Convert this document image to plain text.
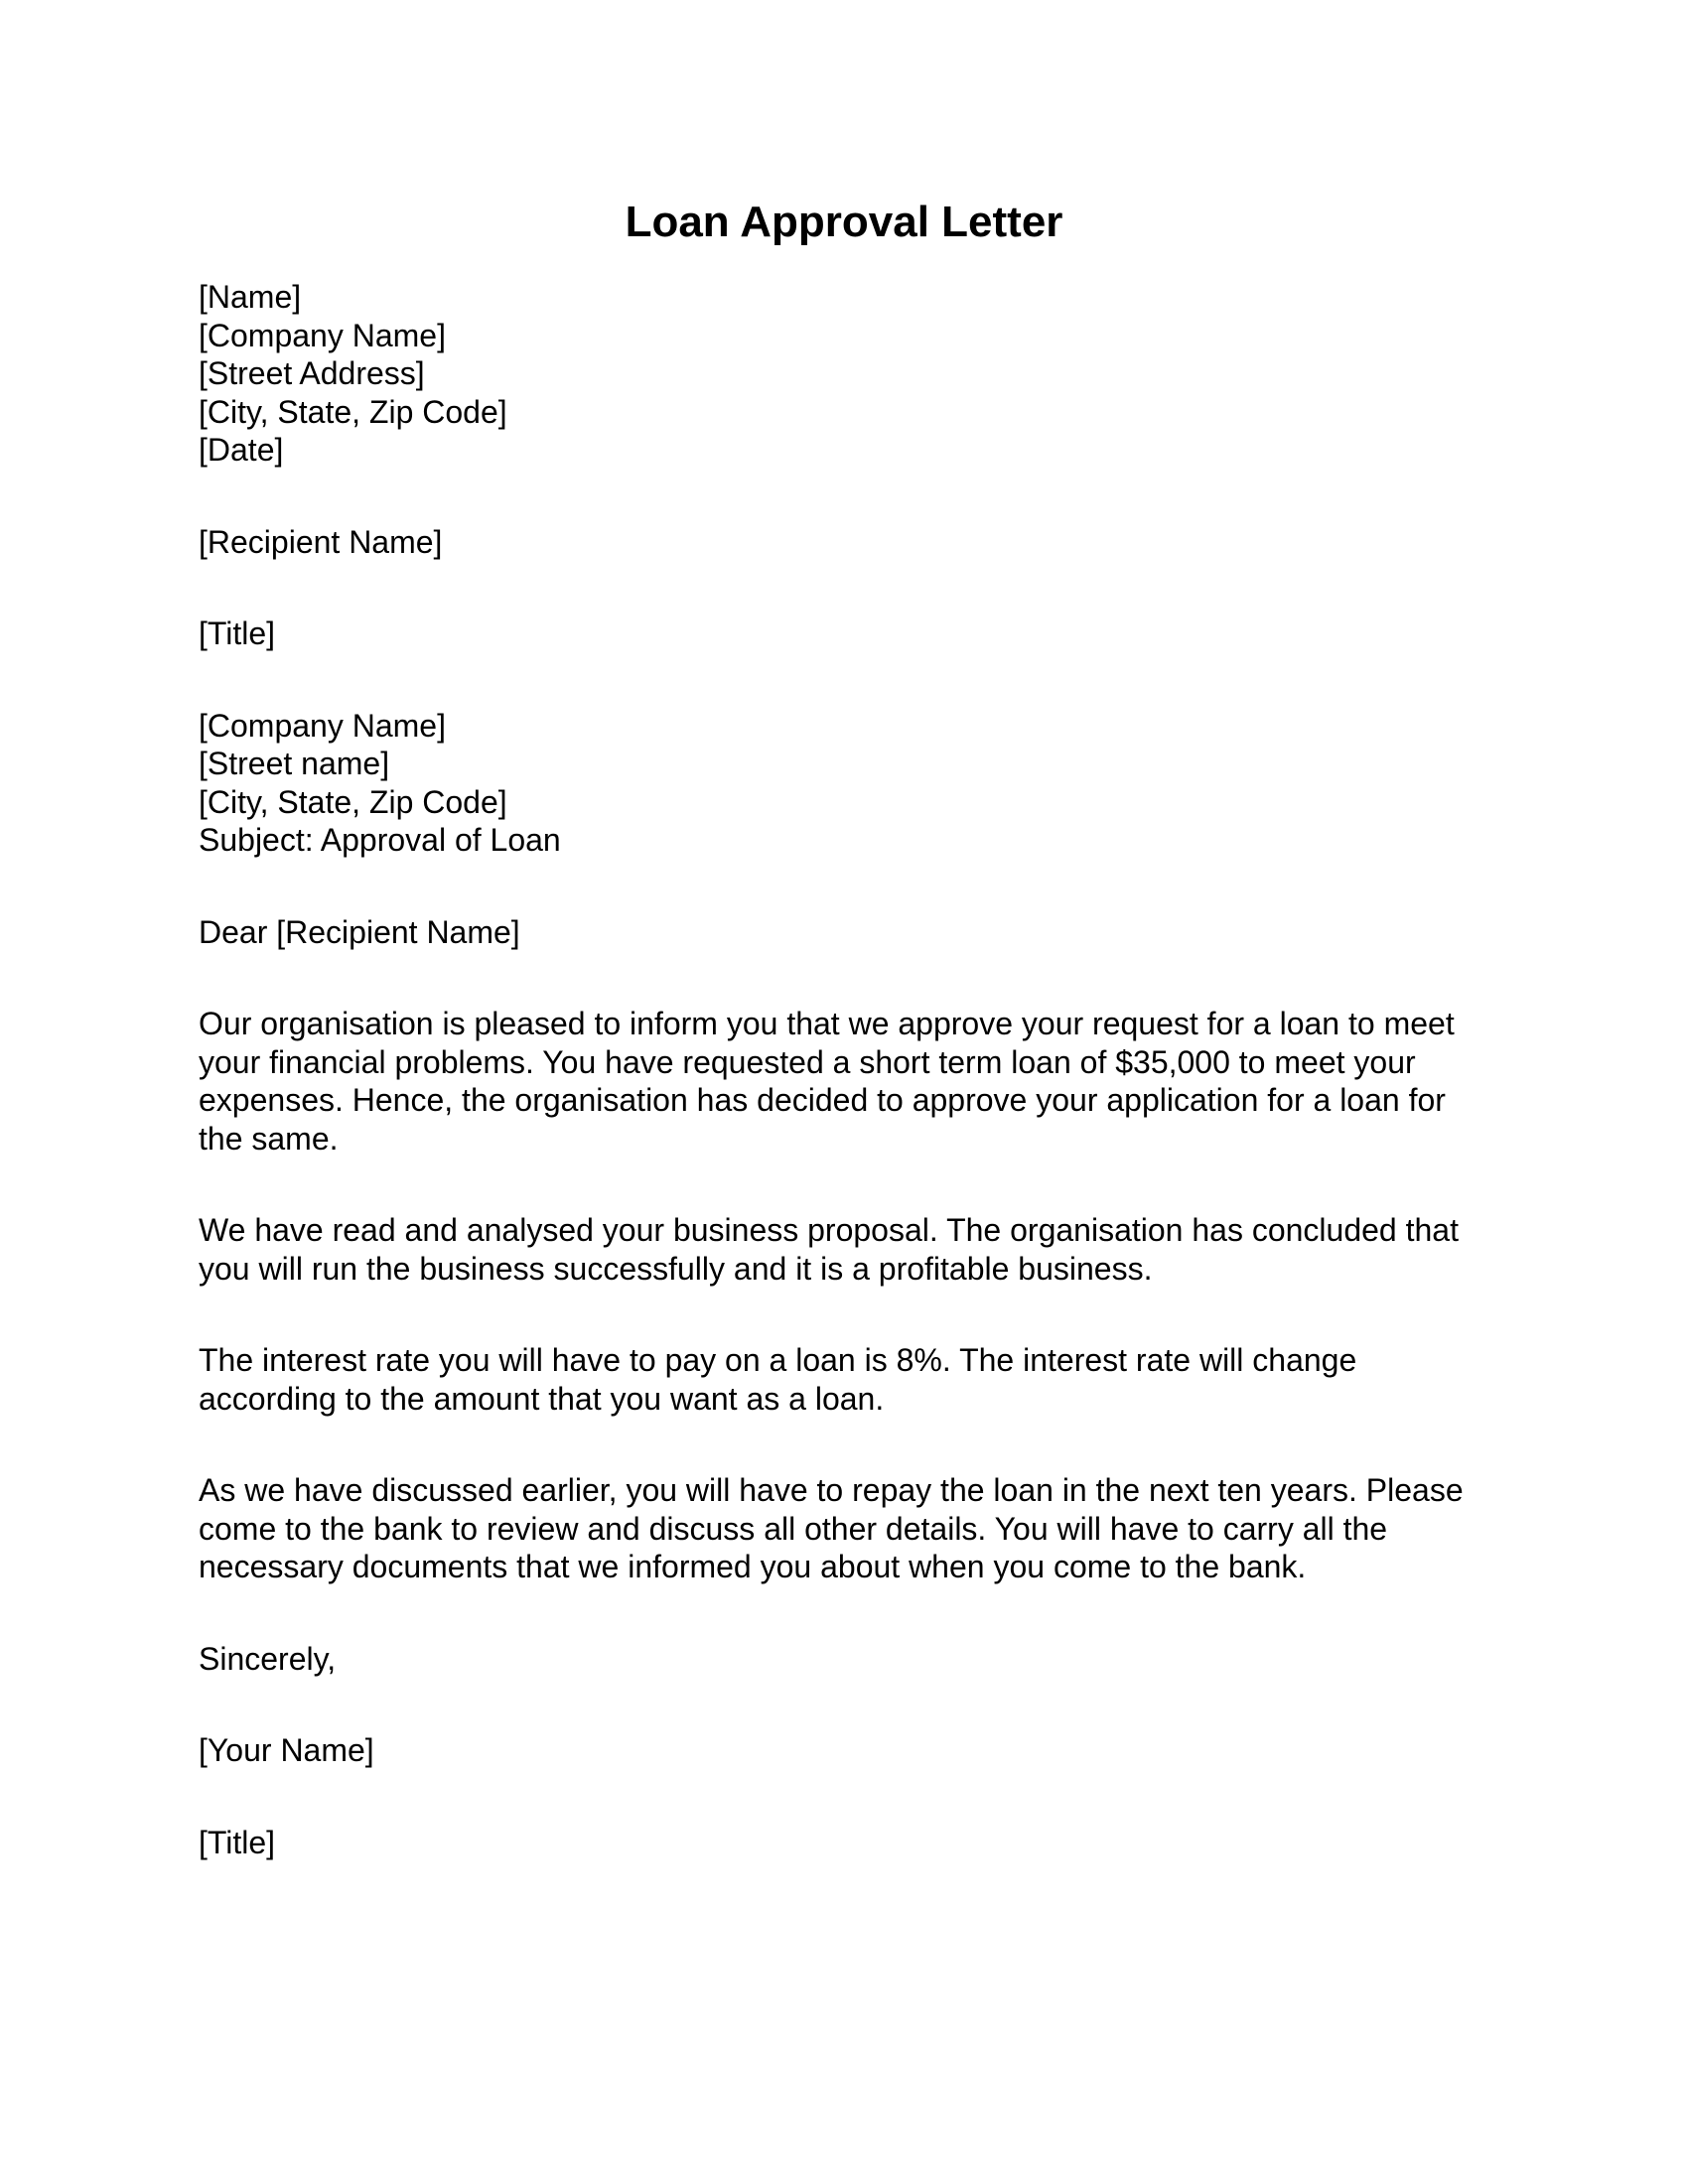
Loan Approval Letter
[Name]
[Company Name]
[Street Address]
[City, State, Zip Code]
[Date]
[Recipient Name]
[Title]
[Company Name]
[Street name]
[City, State, Zip Code]
Subject: Approval of Loan
Dear [Recipient Name]

Our organisation is pleased to inform you that we approve your request for a loan to meet your financial problems. You have requested a short term loan of $35,000 to meet your expenses. Hence, the organisation has decided to approve your application for a loan for the same.

We have read and analysed your business proposal. The organisation has concluded that you will run the business successfully and it is a profitable business.

The interest rate you will have to pay on a loan is 8%. The interest rate will change according to the amount that you want as a loan.

As we have discussed earlier, you will have to repay the loan in the next ten years. Please come to the bank to review and discuss all other details. You will have to carry all the necessary documents that we informed you about when you come to the bank.

Sincerely,
[Your Name]
[Title]
